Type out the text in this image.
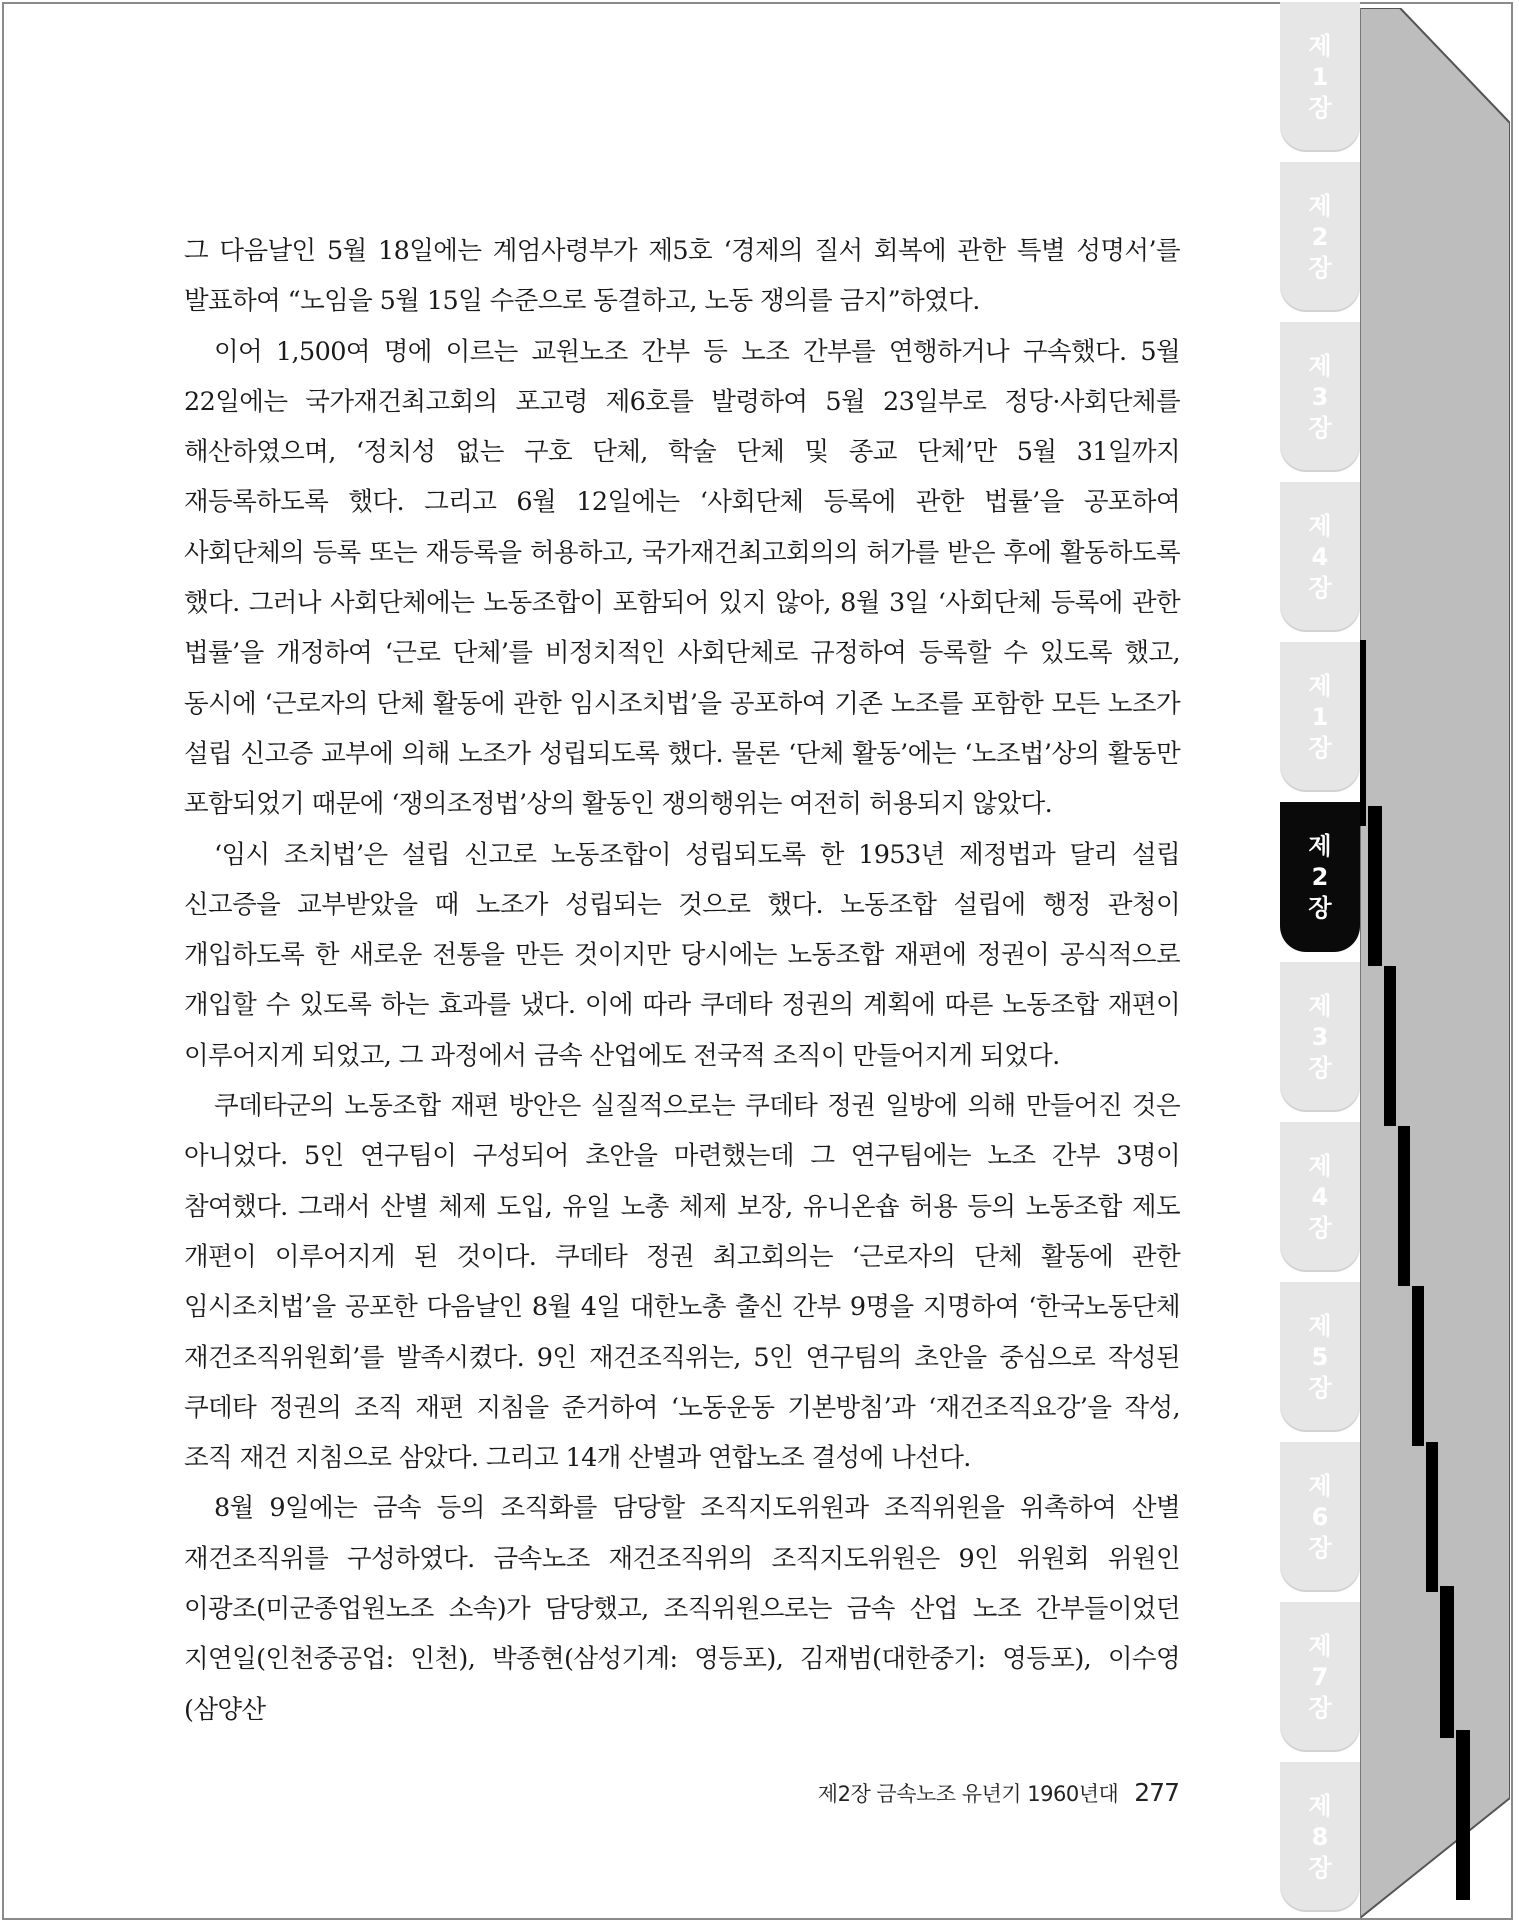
그 다음날인 5월 18일에는 계엄사령부가 제5호 ‘경제의 질서 회복에 관한 특별 성명서’를 발표하여 “노임을 5월 15일 수준으로 동결하고, 노동 쟁의를 금지”하였다.

이어 1,500여 명에 이르는 교원노조 간부 등 노조 간부를 연행하거나 구속했다. 5월 22일에는 국가재건최고회의 포고령 제6호를 발령하여 5월 23일부로 정당·사회단체를 해산하였으며, ‘정치성 없는 구호 단체, 학술 단체 및 종교 단체’만 5월 31일까지 재등록하도록 했다. 그리고 6월 12일에는 ‘사회단체 등록에 관한 법률’을 공포하여 사회단체의 등록 또는 재등록을 허용하고, 국가재건최고회의의 허가를 받은 후에 활동하도록 했다. 그러나 사회단체에는 노동조합이 포함되어 있지 않아, 8월 3일 ‘사회단체 등록에 관한 법률’을 개정하여 ‘근로 단체’를 비정치적인 사회단체로 규정하여 등록할 수 있도록 했고, 동시에 ‘근로자의 단체 활동에 관한 임시조치법’을 공포하여 기존 노조를 포함한 모든 노조가 설립 신고증 교부에 의해 노조가 성립되도록 했다. 물론 ‘단체 활동’에는 ‘노조법’상의 활동만 포함되었기 때문에 ‘쟁의조정법’상의 활동인 쟁의행위는 여전히 허용되지 않았다.

‘임시 조치법’은 설립 신고로 노동조합이 성립되도록 한 1953년 제정법과 달리 설립 신고증을 교부받았을 때 노조가 성립되는 것으로 했다. 노동조합 설립에 행정 관청이 개입하도록 한 새로운 전통을 만든 것이지만 당시에는 노동조합 재편에 정권이 공식적으로 개입할 수 있도록 하는 효과를 냈다. 이에 따라 쿠데타 정권의 계획에 따른 노동조합 재편이 이루어지게 되었고, 그 과정에서 금속 산업에도 전국적 조직이 만들어지게 되었다.

쿠데타군의 노동조합 재편 방안은 실질적으로는 쿠데타 정권 일방에 의해 만들어진 것은 아니었다. 5인 연구팀이 구성되어 초안을 마련했는데 그 연구팀에는 노조 간부 3명이 참여했다. 그래서 산별 체제 도입, 유일 노총 체제 보장, 유니온숍 허용 등의 노동조합 제도 개편이 이루어지게 된 것이다. 쿠데타 정권 최고회의는 ‘근로자의 단체 활동에 관한 임시조치법’을 공포한 다음날인 8월 4일 대한노총 출신 간부 9명을 지명하여 ‘한국노동단체 재건조직위원회’를 발족시켰다. 9인 재건조직위는, 5인 연구팀의 초안을 중심으로 작성된 쿠데타 정권의 조직 재편 지침을 준거하여 ‘노동운동 기본방침’과 ‘재건조직요강’을 작성, 조직 재건 지침으로 삼았다. 그리고 14개 산별과 연합노조 결성에 나선다.

8월 9일에는 금속 등의 조직화를 담당할 조직지도위원과 조직위원을 위촉하여 산별 재건조직위를 구성하였다. 금속노조 재건조직위의 조직지도위원은 9인 위원회 위원인 이광조(미군종업원노조 소속)가 담당했고, 조직위원으로는 금속 산업 노조 간부들이었던 지연일(인천중공업: 인천), 박종현(삼성기계: 영등포), 김재범(대한중기: 영등포), 이수영(삼양산

제2장 금속노조 유년기 1960년대 277
제
1
장
제
2
장
제
3
장
제
4
장
제
1
장
제
2
장
제
3
장
제
4
장
제
5
장
제
6
장
제
7
장
제
8
장
